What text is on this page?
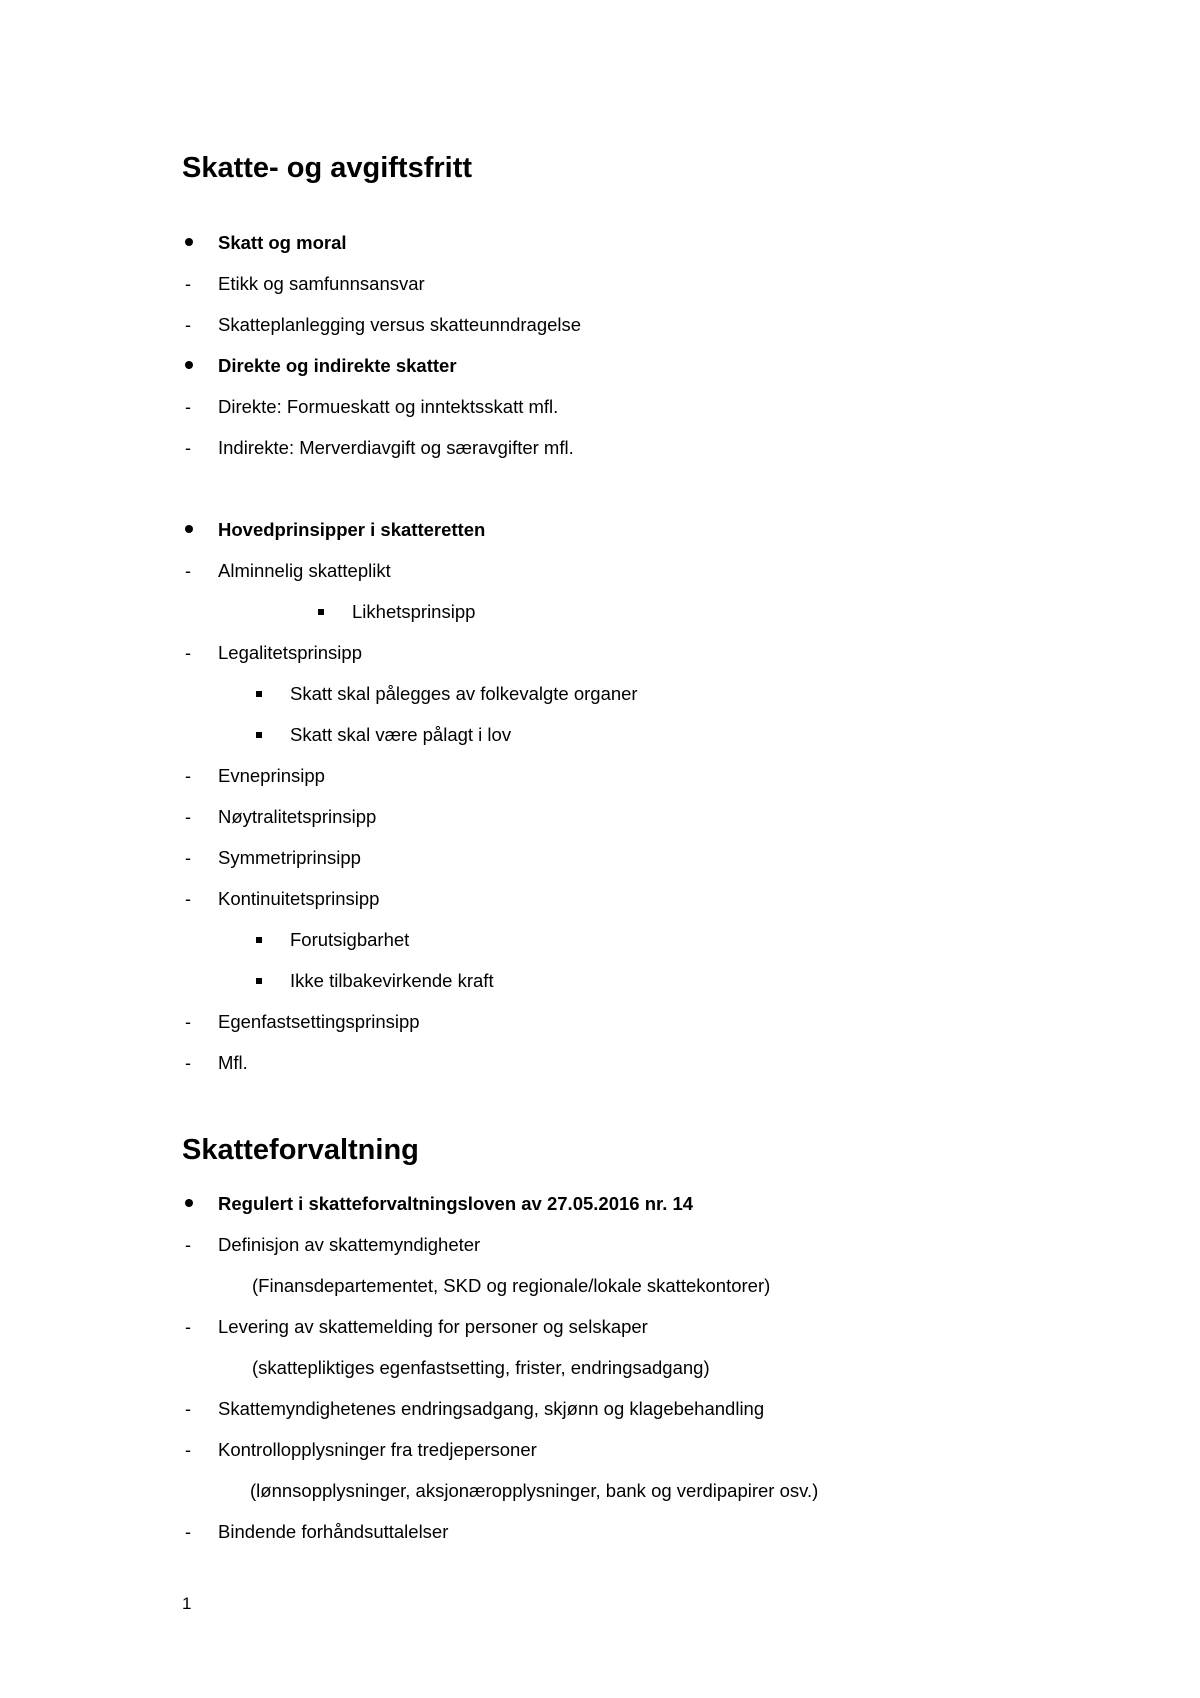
Skatte- og avgiftsfritt
Skatt og moral
- Etikk og samfunnsansvar
- Skatteplanlegging versus skatteunndragelse
Direkte og indirekte skatter
- Direkte: Formueskatt og inntektsskatt mfl.
- Indirekte: Merverdiavgift og særavgifter mfl.
Hovedprinsipper i skatteretten
- Alminnelig skatteplikt
Likhetsprinsipp
- Legalitetsprinsipp
Skatt skal pålegges av folkevalgte organer
Skatt skal være pålagt i lov
- Evneprinsipp
- Nøytralitetsprinsipp
- Symmetriprinsipp
- Kontinuitetsprinsipp
Forutsigbarhet
Ikke tilbakevirkende kraft
- Egenfastsettingsprinsipp
- Mfl.
Skatteforvaltning
Regulert i skatteforvaltningsloven av 27.05.2016 nr. 14
- Definisjon av skattemyndigheter
(Finansdepartementet, SKD og regionale/lokale skattekontorer)
- Levering av skattemelding for personer og selskaper
(skattepliktiges egenfastsetting, frister, endringsadgang)
- Skattemyndighetenes endringsadgang, skjønn og klagebehandling
- Kontrollopplysninger fra tredjepersoner
(lønnsopplysninger, aksjonæropplysninger, bank og verdipapirer osv.)
- Bindende forhåndsuttalelser
1
